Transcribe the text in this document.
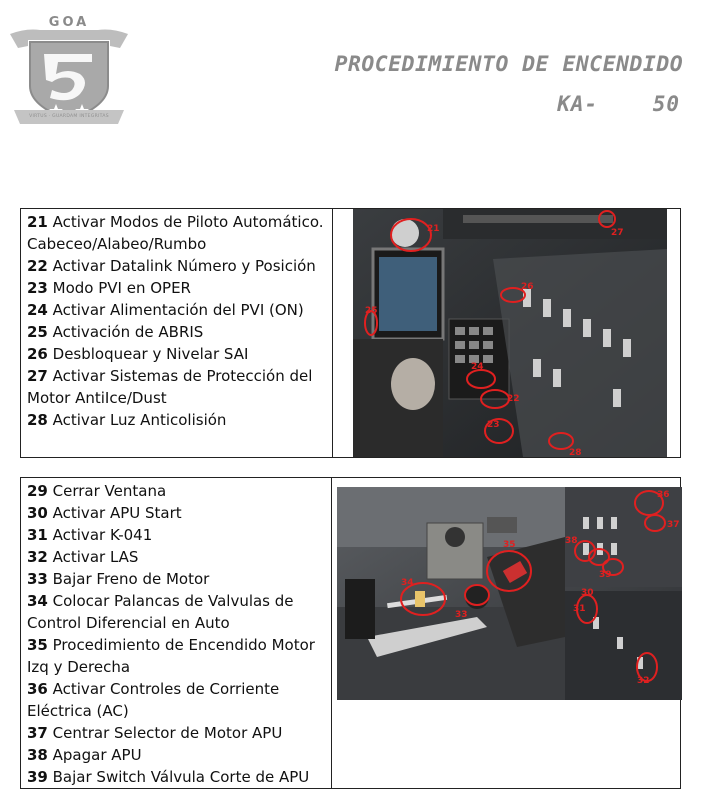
GOA
VIRTUS · GUARDAM INTEGRITAS
PROCEDIMIENTO DE ENCENDIDO
KA-    50
21 Activar Modos de Piloto Automático. Cabeceo/Alabeo/Rumbo
22 Activar Datalink Número y Posición
23 Modo PVI en OPER
24 Activar Alimentación del PVI (ON)
25 Activación de ABRIS
26 Desbloquear y Nivelar SAI
27 Activar Sistemas de Protección del Motor AntiIce/Dust
28 Activar Luz Anticolisión

21	27
25
28
24
22
23
26
29 Cerrar Ventana
30 Activar APU Start
31 Activar K-041
32 Activar LAS
33 Bajar Freno de Motor
34 Colocar Palancas de Valvulas de Control Diferencial en Auto
35 Procedimiento de Encendido Motor Izq y Derecha
36 Activar Controles de Corriente Eléctrica (AC)
37 Centrar Selector de Motor APU
38 Apagar APU
39 Bajar Switch Válvula Corte de APU

35
34
33
36
37
38
39
30
31
32
